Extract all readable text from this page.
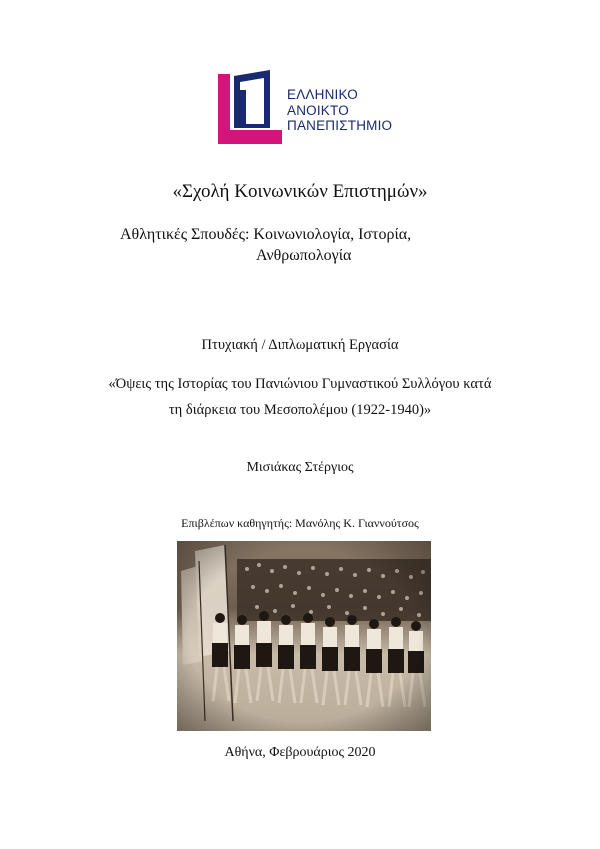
ΕΛΛΗΝΙΚΟ
ΑΝΟΙΚΤΟ
ΠΑΝΕΠΙΣΤΗΜΙΟ
«Σχολή Κοινωνικών Επιστημών»
Αθλητικές Σπουδές: Κοινωνιολογία, Ιστορία,
Ανθρωπολογία
Πτυχιακή / Διπλωματική Εργασία
«Όψεις της Ιστορίας του Πανιώνιου Γυμναστικού Συλλόγου κατά
τη διάρκεια του Μεσοπολέμου (1922-1940)»
Μισιάκας Στέργιος
Επιβλέπων καθηγητής: Μανόλης Κ. Γιαννούτσος
Αθήνα, Φεβρουάριος 2020
